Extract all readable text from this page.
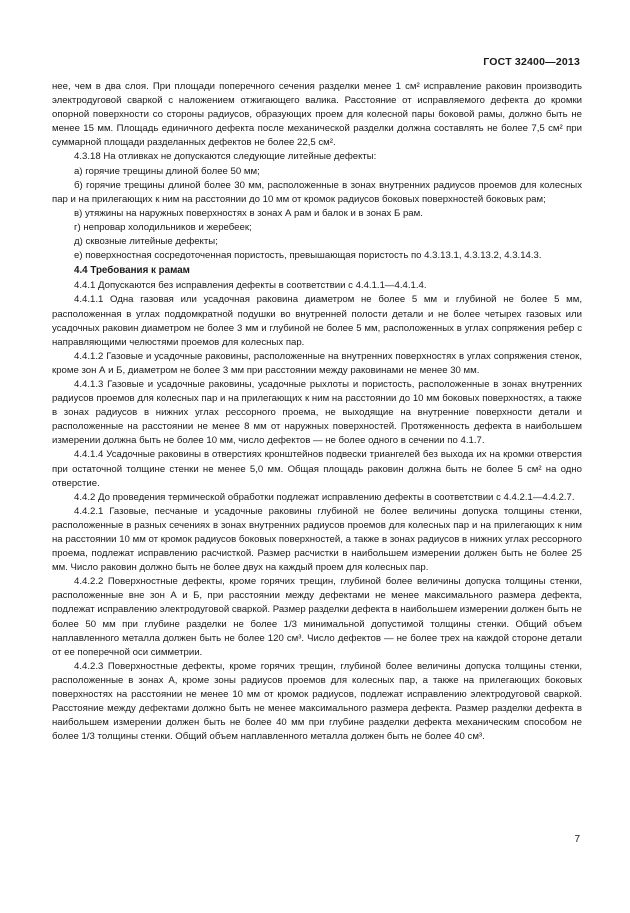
ГОСТ 32400—2013

нее, чем в два слоя. При площади поперечного сечения разделки менее 1 см² исправление раковин производить электродуговой сваркой с наложением отжигающего валика. Расстояние от исправляемого дефекта до кромки опорной поверхности со стороны радиусов, образующих проем для колесной пары боковой рамы, должно быть не менее 15 мм. Площадь единичного дефекта после механической разделки должна составлять не более 7,5 см² при суммарной площади разделанных дефектов не более 22,5 см².

4.3.18 На отливках не допускаются следующие литейные дефекты:

а) горячие трещины длиной более 50 мм;

б) горячие трещины длиной более 30 мм, расположенные в зонах внутренних радиусов проемов для колесных пар и на прилегающих к ним на расстоянии до 10 мм от кромок радиусов боковых поверхностей боковых рам;

в) утяжины на наружных поверхностях в зонах А рам и балок и в зонах Б рам.

г) непровар холодильников и жеребеек;

д) сквозные литейные дефекты;

е) поверхностная сосредоточенная пористость, превышающая пористость по 4.3.13.1, 4.3.13.2, 4.3.14.3.

4.4 Требования к рамам

4.4.1 Допускаются без исправления дефекты в соответствии с 4.4.1.1—4.4.1.4.

4.4.1.1 Одна газовая или усадочная раковина диаметром не более 5 мм и глубиной не более 5 мм, расположенная в углах поддомкратной подушки во внутренней полости детали и не более четырех газовых или усадочных раковин диаметром не более 3 мм и глубиной не более 5 мм, расположенных в углах сопряжения ребер с направляющими челюстями проемов для колесных пар.

4.4.1.2 Газовые и усадочные раковины, расположенные на внутренних поверхностях в углах сопряжения стенок, кроме зон А и Б, диаметром не более 3 мм при расстоянии между раковинами не менее 30 мм.

4.4.1.3 Газовые и усадочные раковины, усадочные рыхлоты и пористость, расположенные в зонах внутренних радиусов проемов для колесных пар и на прилегающих к ним на расстоянии до 10 мм боковых поверхностях, а также в зонах радиусов в нижних углах рессорного проема, не выходящие на внутренние поверхности детали и расположенные на расстоянии не менее 8 мм от наружных поверхностей. Протяженность дефекта в наибольшем измерении должна быть не более 10 мм, число дефектов — не более одного в сечении по 4.1.7.

4.4.1.4 Усадочные раковины в отверстиях кронштейнов подвески триангелей без выхода их на кромки отверстия при остаточной толщине стенки не менее 5,0 мм. Общая площадь раковин должна быть не более 5 см² на одно отверстие.

4.4.2 До проведения термической обработки подлежат исправлению дефекты в соответствии с 4.4.2.1—4.4.2.7.

4.4.2.1 Газовые, песчаные и усадочные раковины глубиной не более величины допуска толщины стенки, расположенные в разных сечениях в зонах внутренних радиусов проемов для колесных пар и на прилегающих к ним на расстоянии 10 мм от кромок радиусов боковых поверхностей, а также в зонах радиусов в нижних углах рессорного проема, подлежат исправлению расчисткой. Размер расчистки в наибольшем измерении должен быть не более 25 мм. Число раковин должно быть не более двух на каждый проем для колесных пар.

4.4.2.2 Поверхностные дефекты, кроме горячих трещин, глубиной более величины допуска толщины стенки, расположенные вне зон А и Б, при расстоянии между дефектами не менее максимального размера дефекта, подлежат исправлению электродуговой сваркой. Размер разделки дефекта в наибольшем измерении должен быть не более 50 мм при глубине разделки не более 1/3 минимальной допустимой толщины стенки. Общий объем наплавленного металла должен быть не более 120 см³. Число дефектов — не более трех на каждой стороне детали от ее поперечной оси симметрии.

4.4.2.3 Поверхностные дефекты, кроме горячих трещин, глубиной более величины допуска толщины стенки, расположенные в зонах А, кроме зоны радиусов проемов для колесных пар, а также на прилегающих боковых поверхностях на расстоянии не менее 10 мм от кромок радиусов, подлежат исправлению электродуговой сваркой. Расстояние между дефектами должно быть не менее максимального размера дефекта. Размер разделки дефекта в наибольшем измерении должен быть не более 40 мм при глубине разделки дефекта механическим способом не более 1/3 толщины стенки. Общий объем наплавленного металла должен быть не более 40 см³.

7
